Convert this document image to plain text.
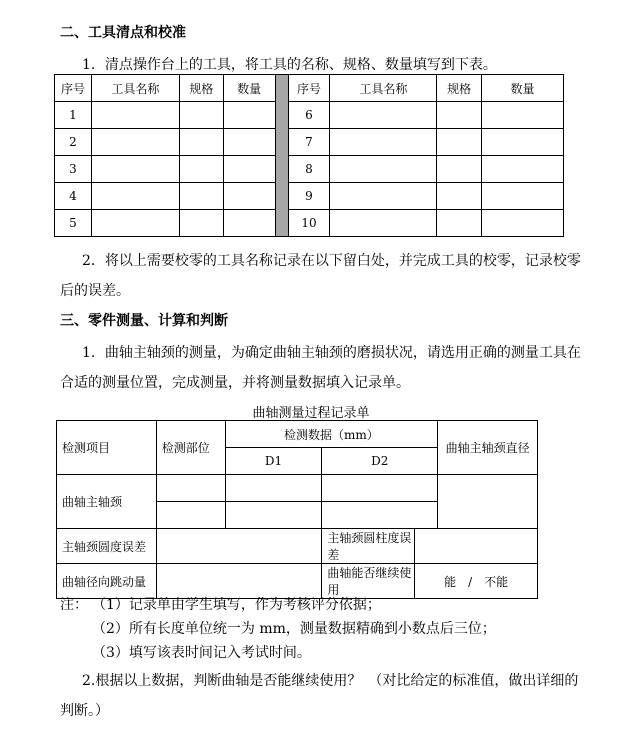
二、工具清点和校准
1．清点操作台上的工具，将工具的名称、规格、数量填写到下表。
序号	工具名称	规格	数量		序号	工具名称	规格	数量
1					6			
2					7			
3					8			
4					9			
5					10			
2．将以上需要校零的工具名称记录在以下留白处，并完成工具的校零，记录校零
后的误差。
三、零件测量、计算和判断
1．曲轴主轴颈的测量，为确定曲轴主轴颈的磨损状况，请选用正确的测量工具在
合适的测量位置，完成测量，并将测量数据填入记录单。
曲轴测量过程记录单
检测项目	检测部位	检测数据（mm）			曲轴主轴颈直径
		D1	D2		
曲轴主轴颈					

主轴颈圆度误差			主轴颈圆柱度误差		
曲轴径向跳动量			曲轴能否继续使用	能　/　不能	
注： （1）记录单由学生填写，作为考核评分依据；
（2）所有长度单位统一为 mm，测量数据精确到小数点后三位；
（3）填写该表时间记入考试时间。
2.根据以上数据，判断曲轴是否能继续使用？　（对比给定的标准值，做出详细的
判断。）
